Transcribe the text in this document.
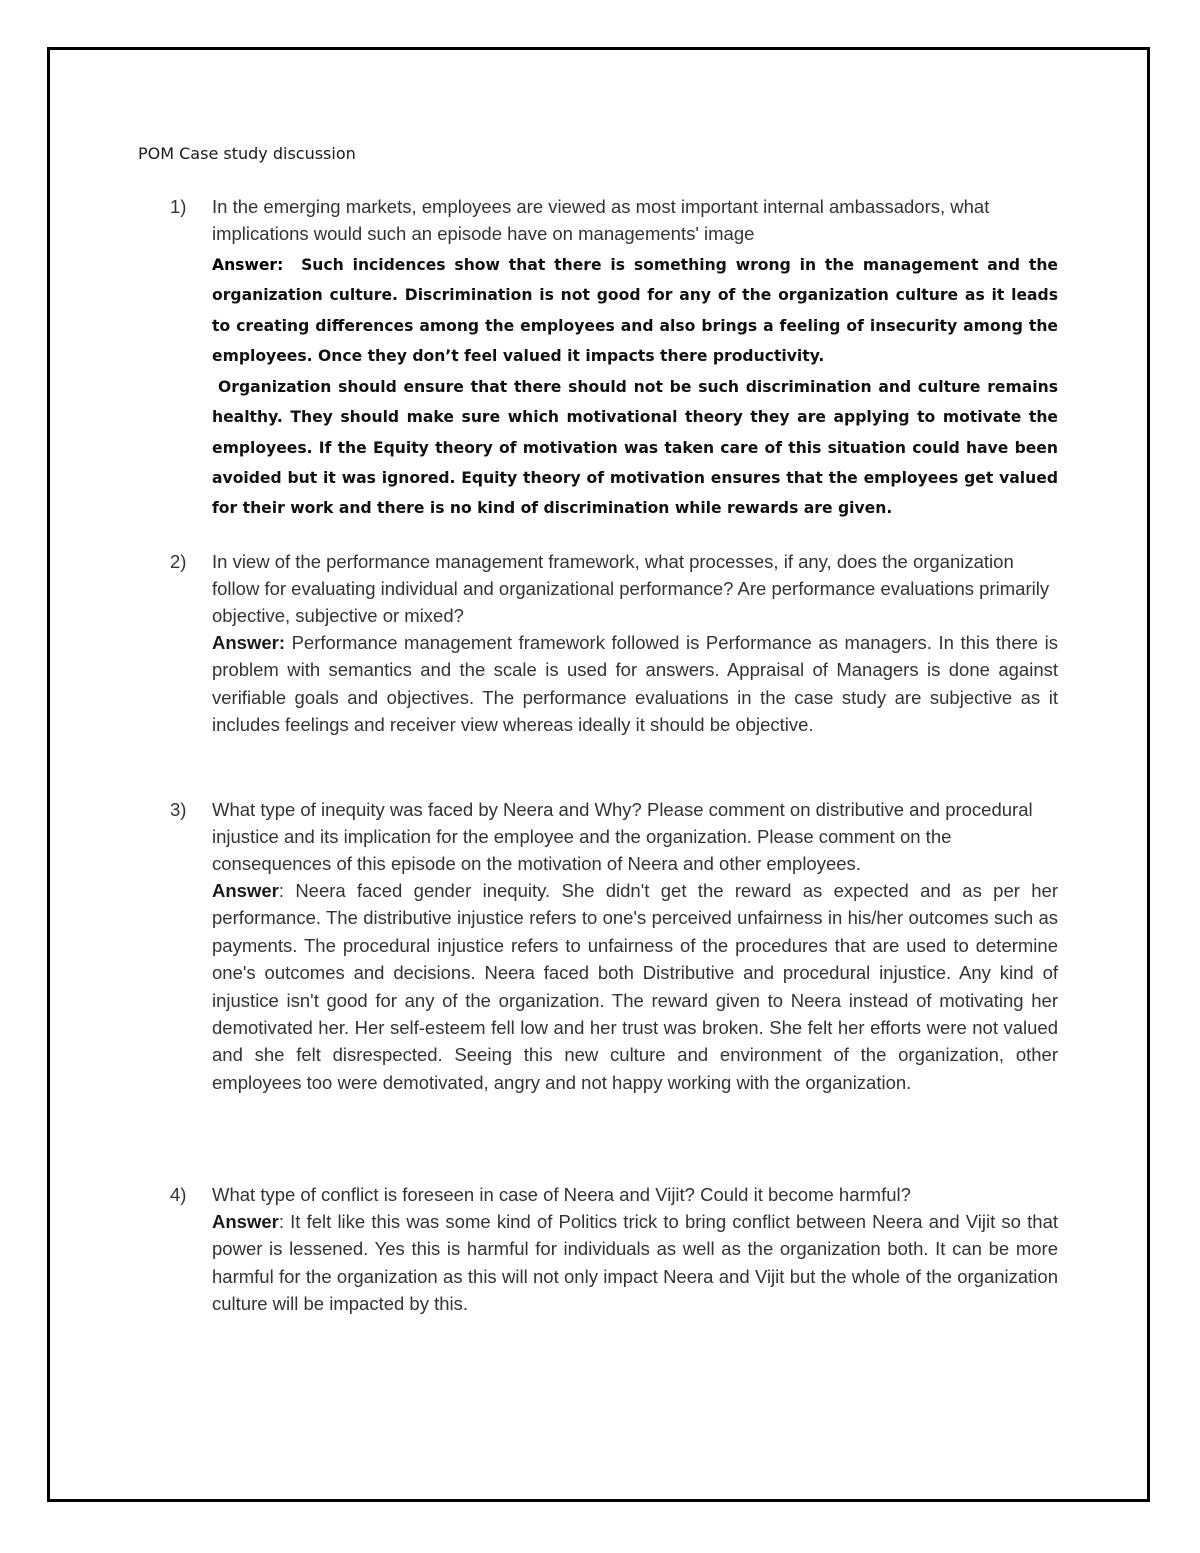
POM Case study discussion
1) In the emerging markets, employees are viewed as most important internal ambassadors, what implications would such an episode have on managements' image

Answer: Such incidences show that there is something wrong in the management and the organization culture. Discrimination is not good for any of the organization culture as it leads to creating differences among the employees and also brings a feeling of insecurity among the employees. Once they don’t feel valued it impacts there productivity.

Organization should ensure that there should not be such discrimination and culture remains healthy. They should make sure which motivational theory they are applying to motivate the employees. If the Equity theory of motivation was taken care of this situation could have been avoided but it was ignored. Equity theory of motivation ensures that the employees get valued for their work and there is no kind of discrimination while rewards are given.

2) In view of the performance management framework, what processes, if any, does the organization follow for evaluating individual and organizational performance? Are performance evaluations primarily objective, subjective or mixed?

Answer: Performance management framework followed is Performance as managers. In this there is problem with semantics and the scale is used for answers. Appraisal of Managers is done against verifiable goals and objectives. The performance evaluations in the case study are subjective as it includes feelings and receiver view whereas ideally it should be objective.

3) What type of inequity was faced by Neera and Why? Please comment on distributive and procedural injustice and its implication for the employee and the organization. Please comment on the consequences of this episode on the motivation of Neera and other employees.

Answer: Neera faced gender inequity. She didn't get the reward as expected and as per her performance. The distributive injustice refers to one's perceived unfairness in his/her outcomes such as payments. The procedural injustice refers to unfairness of the procedures that are used to determine one's outcomes and decisions. Neera faced both Distributive and procedural injustice. Any kind of injustice isn't good for any of the organization. The reward given to Neera instead of motivating her demotivated her. Her self-esteem fell low and her trust was broken. She felt her efforts were not valued and she felt disrespected. Seeing this new culture and environment of the organization, other employees too were demotivated, angry and not happy working with the organization.

4) What type of conflict is foreseen in case of Neera and Vijit? Could it become harmful?

Answer: It felt like this was some kind of Politics trick to bring conflict between Neera and Vijit so that power is lessened. Yes this is harmful for individuals as well as the organization both. It can be more harmful for the organization as this will not only impact Neera and Vijit but the whole of the organization culture will be impacted by this.
